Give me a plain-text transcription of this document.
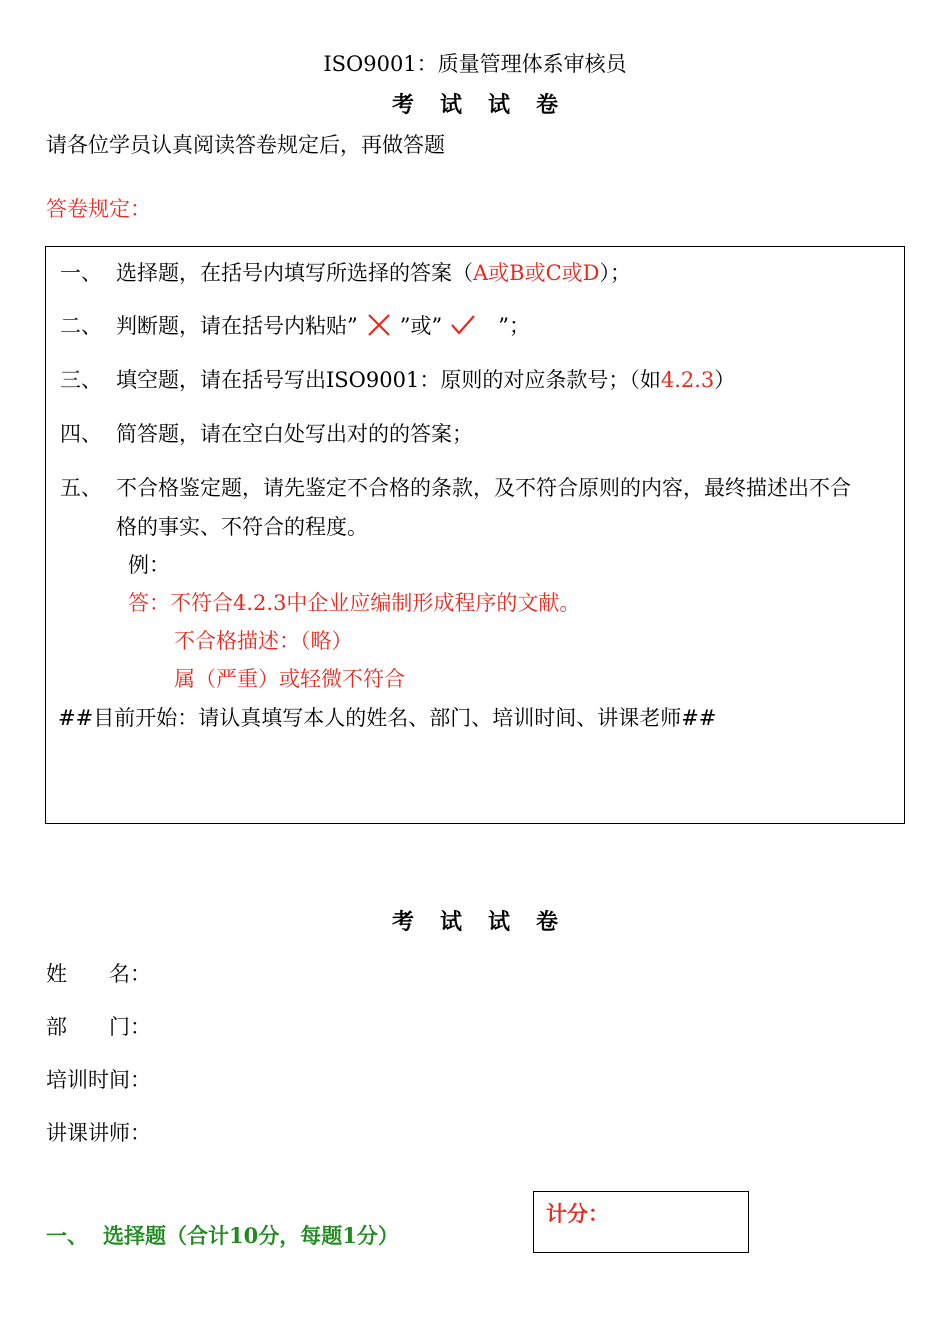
ISO9001：质量管理体系审核员
考试试卷
请各位学员认真阅读答卷规定后，再做答题
答卷规定：
一、 选择题，在括号内填写所选择的答案（A或B或C或D）；
二、 判断题，请在括号内粘贴” ”或”	”；
三、 填空题，请在括号写出ISO9001：原则的对应条款号；（如4.2.3）
四、 简答题，请在空白处写出对的的答案；
五、 不合格鉴定题，请先鉴定不合格的条款，及不符合原则的内容，最终描述出不合
格的事实、不符合的程度。
例：
答：不符合4.2.3中企业应编制形成程序的文献。
不合格描述：（略）
属（严重）或轻微不符合
##目前开始：请认真填写本人的姓名、部门、培训时间、讲课老师##
考试试卷
姓　　名：
部　　门：
培训时间：
讲课讲师：
计分：
一、 选择题（合计10分，每题1分）
